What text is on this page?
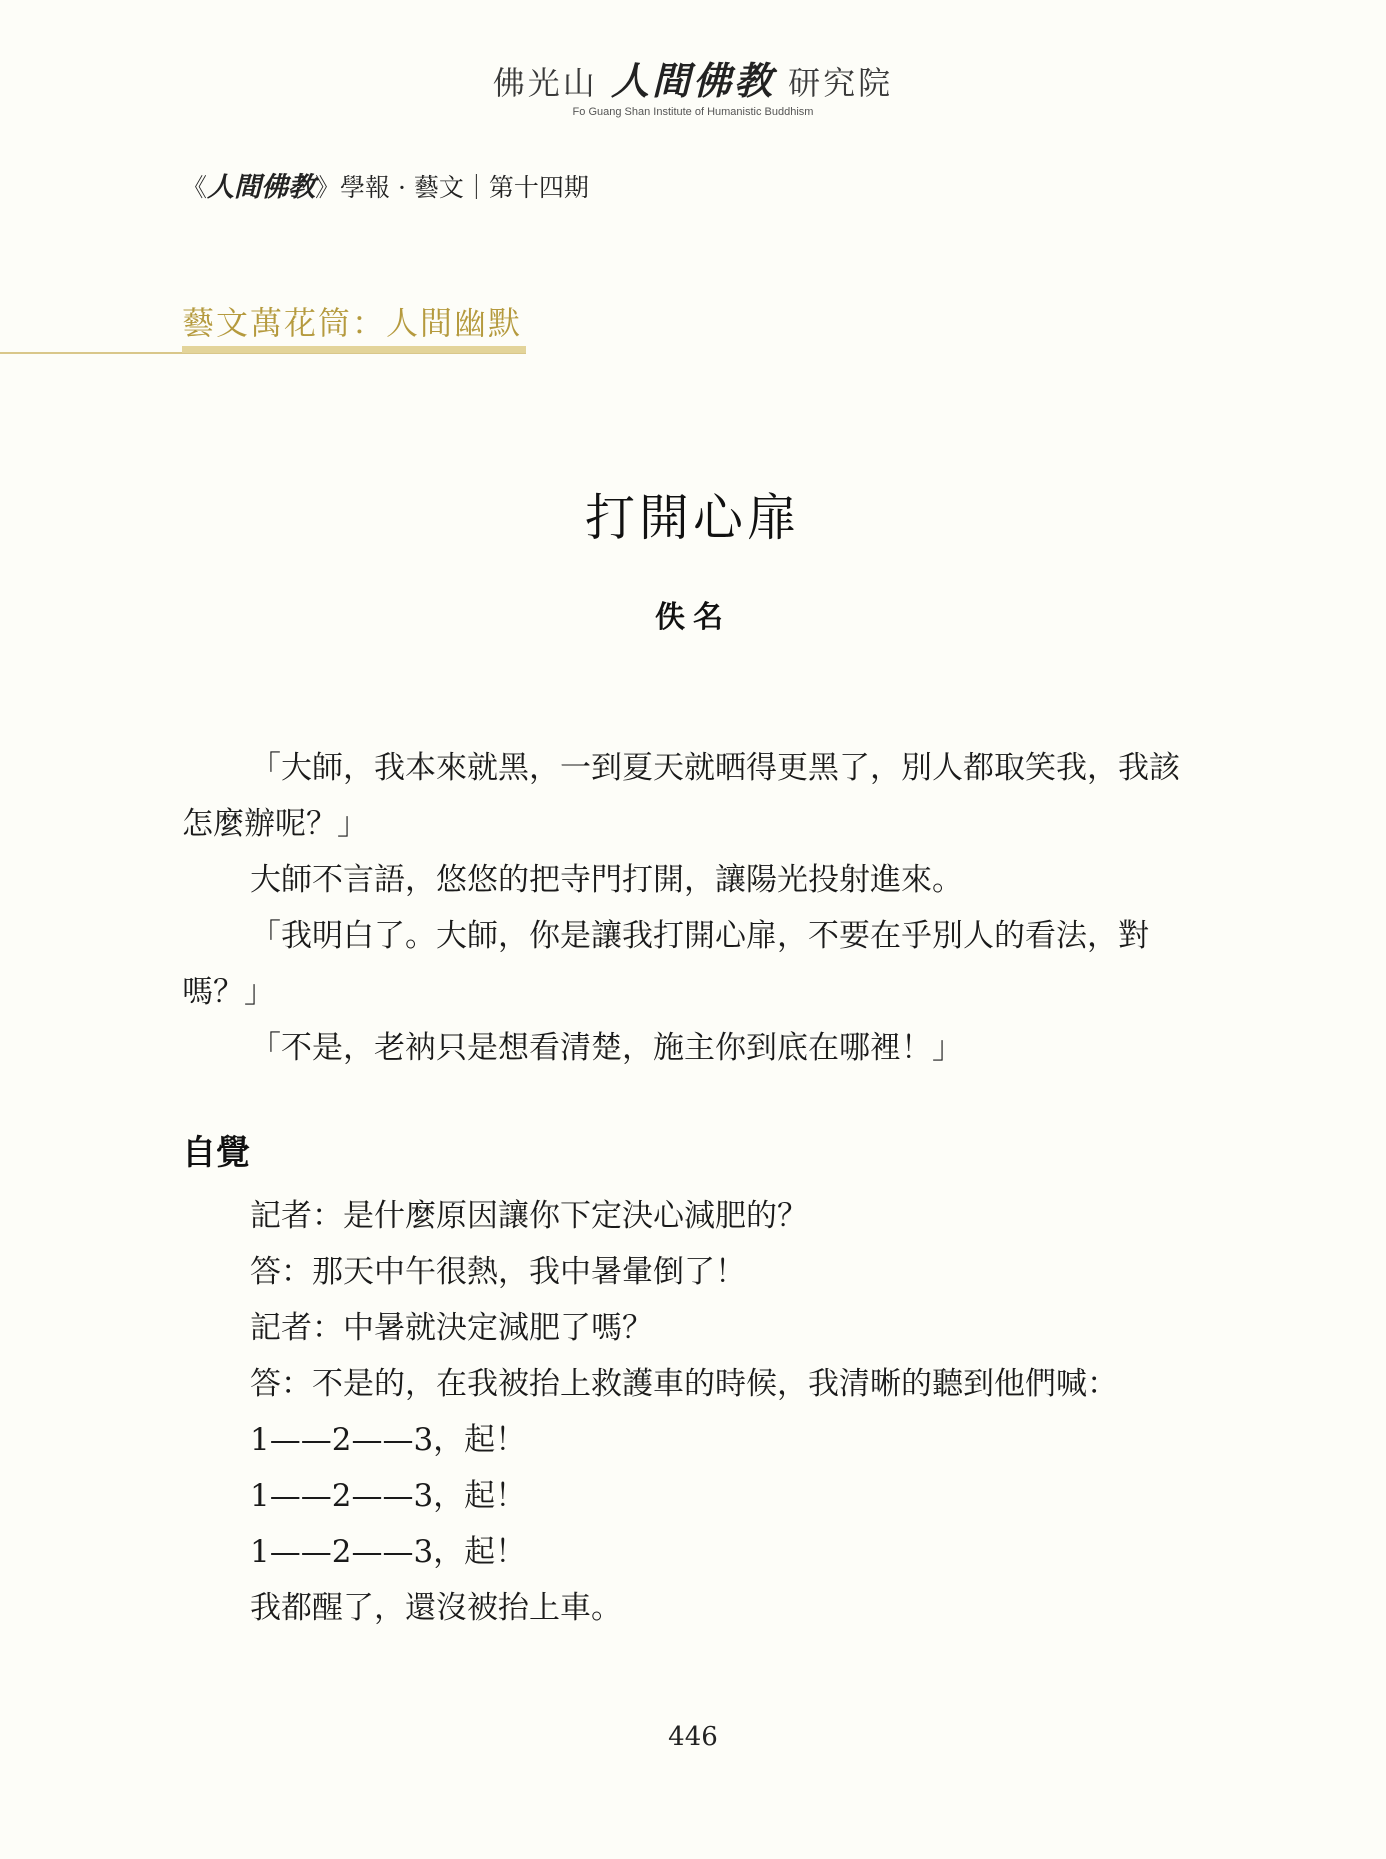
佛光山 人間佛教 研究院
Fo Guang Shan Institute of Humanistic Buddhism
《人間佛教》學報 · 藝文｜第十四期
藝文萬花筒：人間幽默
打開心扉
佚名

「大師，我本來就黑，一到夏天就晒得更黑了，別人都取笑我，我該怎麼辦呢？」

大師不言語，悠悠的把寺門打開，讓陽光投射進來。

「我明白了。大師，你是讓我打開心扉，不要在乎別人的看法，對嗎？」

「不是，老衲只是想看清楚，施主你到底在哪裡！」

自覺

記者：是什麼原因讓你下定決心減肥的？

答：那天中午很熱，我中暑暈倒了！

記者：中暑就決定減肥了嗎？

答：不是的，在我被抬上救護車的時候，我清晰的聽到他們喊：

1——2——3，起！

1——2——3，起！

1——2——3，起！

我都醒了，還沒被抬上車。

446
